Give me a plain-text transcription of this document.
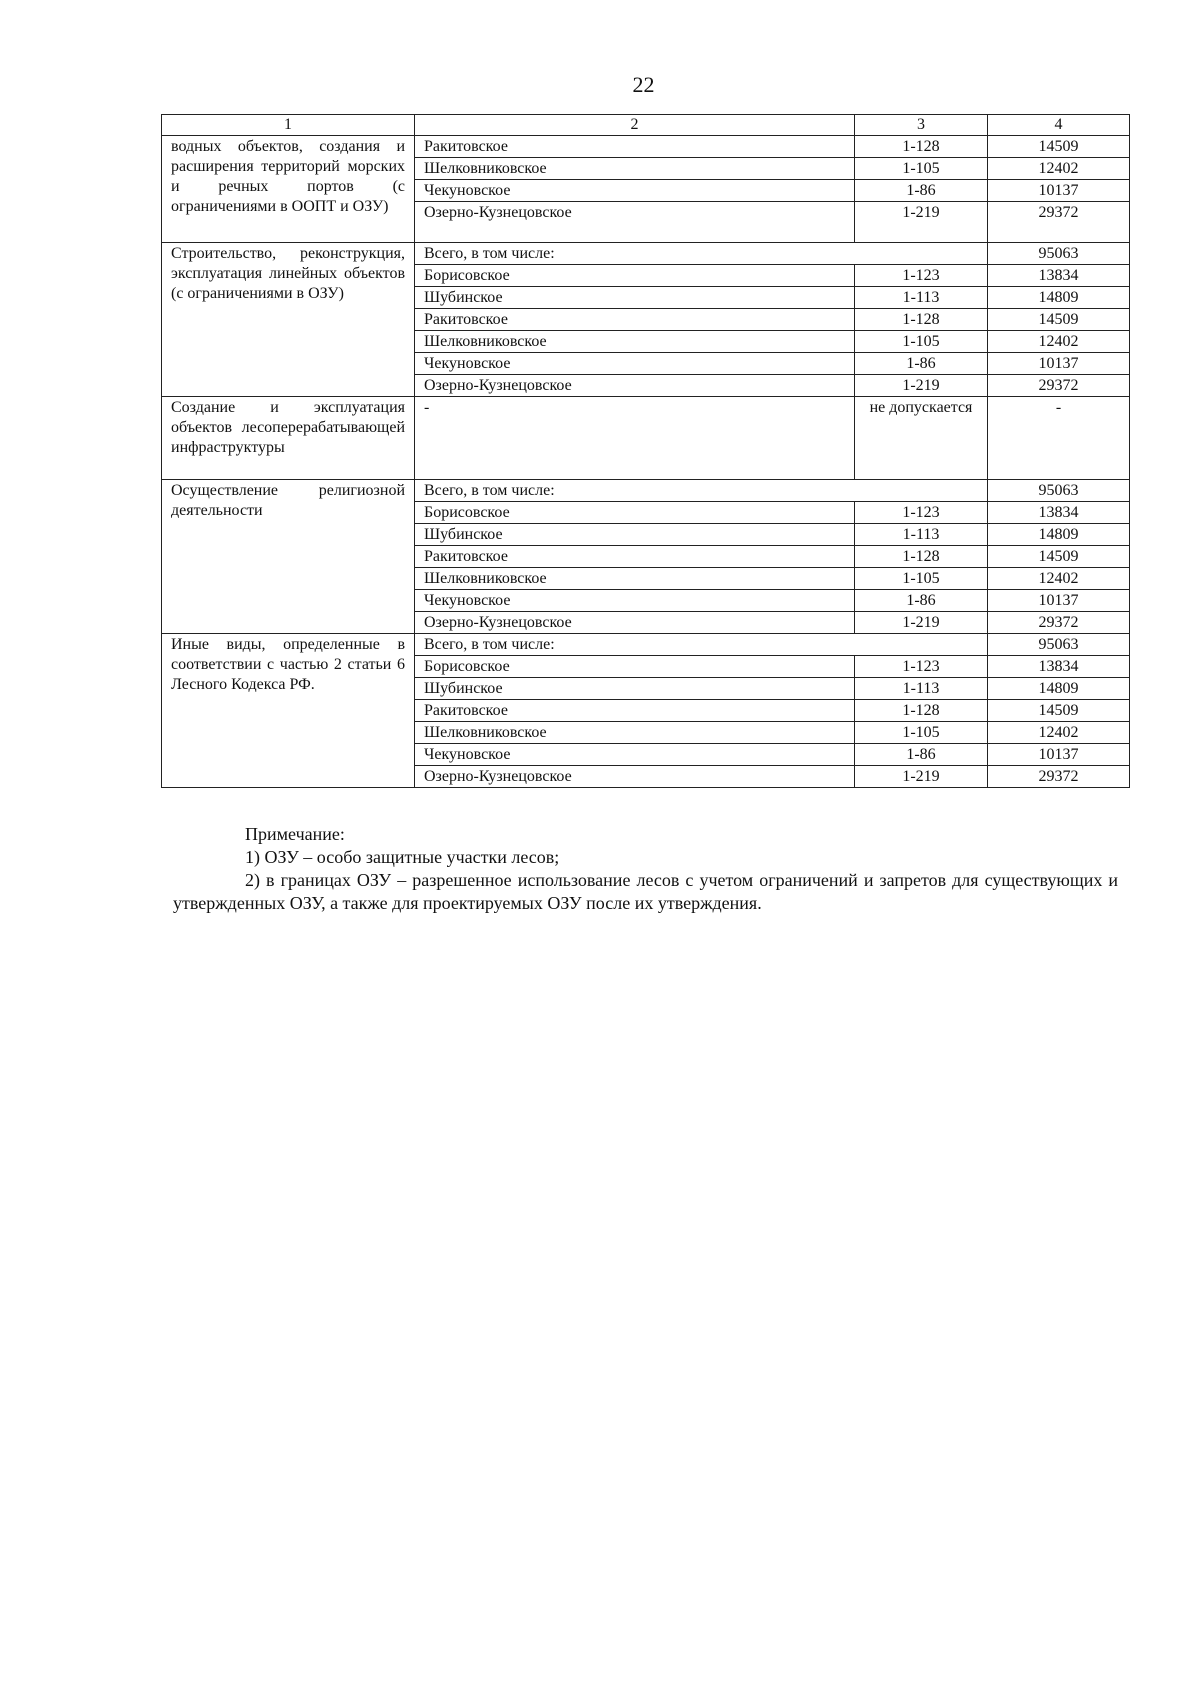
22
1	2	3	4
водных объектов, создания и расширения территорий морских и речных портов (с ограничениями в ООПТ и ОЗУ)	Ракитовское	1-128	14509
	Шелковниковское	1-105	12402
	Чекуновское	1-86	10137
	Озерно-Кузнецовское	1-219	29372
Строительство, реконструкция, эксплуатация линейных объектов (с ограничениями в ОЗУ)	Всего, в том числе:		95063
	Борисовское	1-123	13834
	Шубинское	1-113	14809
	Ракитовское	1-128	14509
	Шелковниковское	1-105	12402
	Чекуновское	1-86	10137
	Озерно-Кузнецовское	1-219	29372
Создание и эксплуатация объектов лесоперерабатывающей инфраструктуры	-	не допускается	-
Осуществление религиозной деятельности	Всего, в том числе:		95063
	Борисовское	1-123	13834
	Шубинское	1-113	14809
	Ракитовское	1-128	14509
	Шелковниковское	1-105	12402
	Чекуновское	1-86	10137
	Озерно-Кузнецовское	1-219	29372
Иные виды, определенные в соответствии с частью 2 статьи 6 Лесного Кодекса РФ.	Всего, в том числе:		95063
	Борисовское	1-123	13834
	Шубинское	1-113	14809
	Ракитовское	1-128	14509
	Шелковниковское	1-105	12402
	Чекуновское	1-86	10137
	Озерно-Кузнецовское	1-219	29372

Примечание:

1) ОЗУ – особо защитные участки лесов;

2) в границах ОЗУ – разрешенное использование лесов с учетом ограничений и запретов для существующих и утвержденных ОЗУ, а также для проектируемых ОЗУ после их утверждения.
